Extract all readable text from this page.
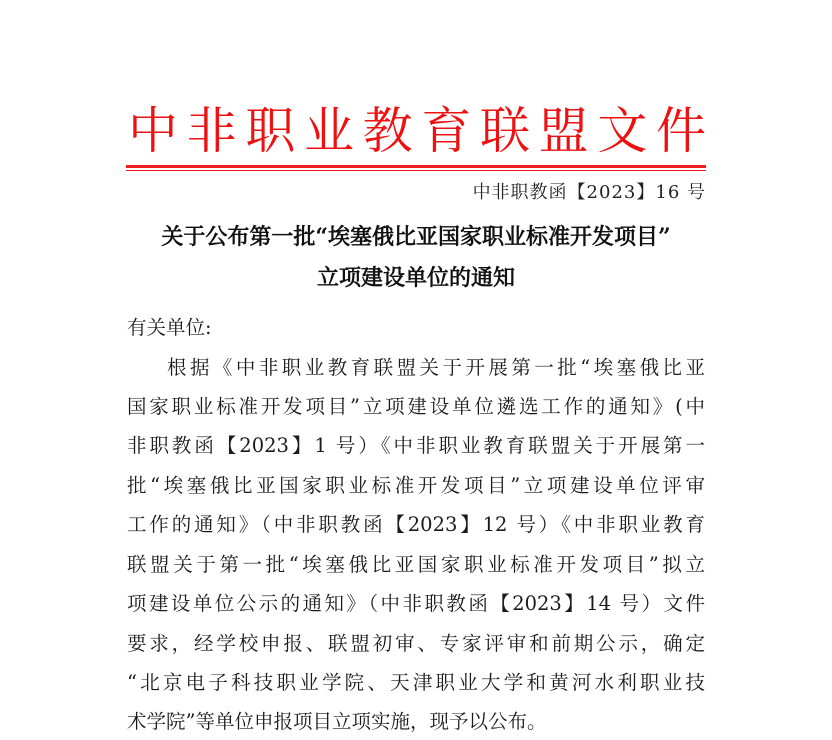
中非职业教育联盟文件
中非职教函【2023】16 号
关于公布第一批“埃塞俄比亚国家职业标准开发项目”
立项建设单位的通知
有关单位:
根据《中非职业教育联盟关于开展第一批“埃塞俄比亚
国家职业标准开发项目”立项建设单位遴选工作的通知》(中
非职教函【2023】1 号）《中非职业教育联盟关于开展第一
批“埃塞俄比亚国家职业标准开发项目”立项建设单位评审
工作的通知》（中非职教函【2023】12 号）《中非职业教育
联盟关于第一批“埃塞俄比亚国家职业标准开发项目”拟立
项建设单位公示的通知》（中非职教函【2023】14 号）文件
要求，经学校申报、联盟初审、专家评审和前期公示，确定
“北京电子科技职业学院、天津职业大学和黄河水利职业技
术学院”等单位申报项目立项实施，现予以公布。
